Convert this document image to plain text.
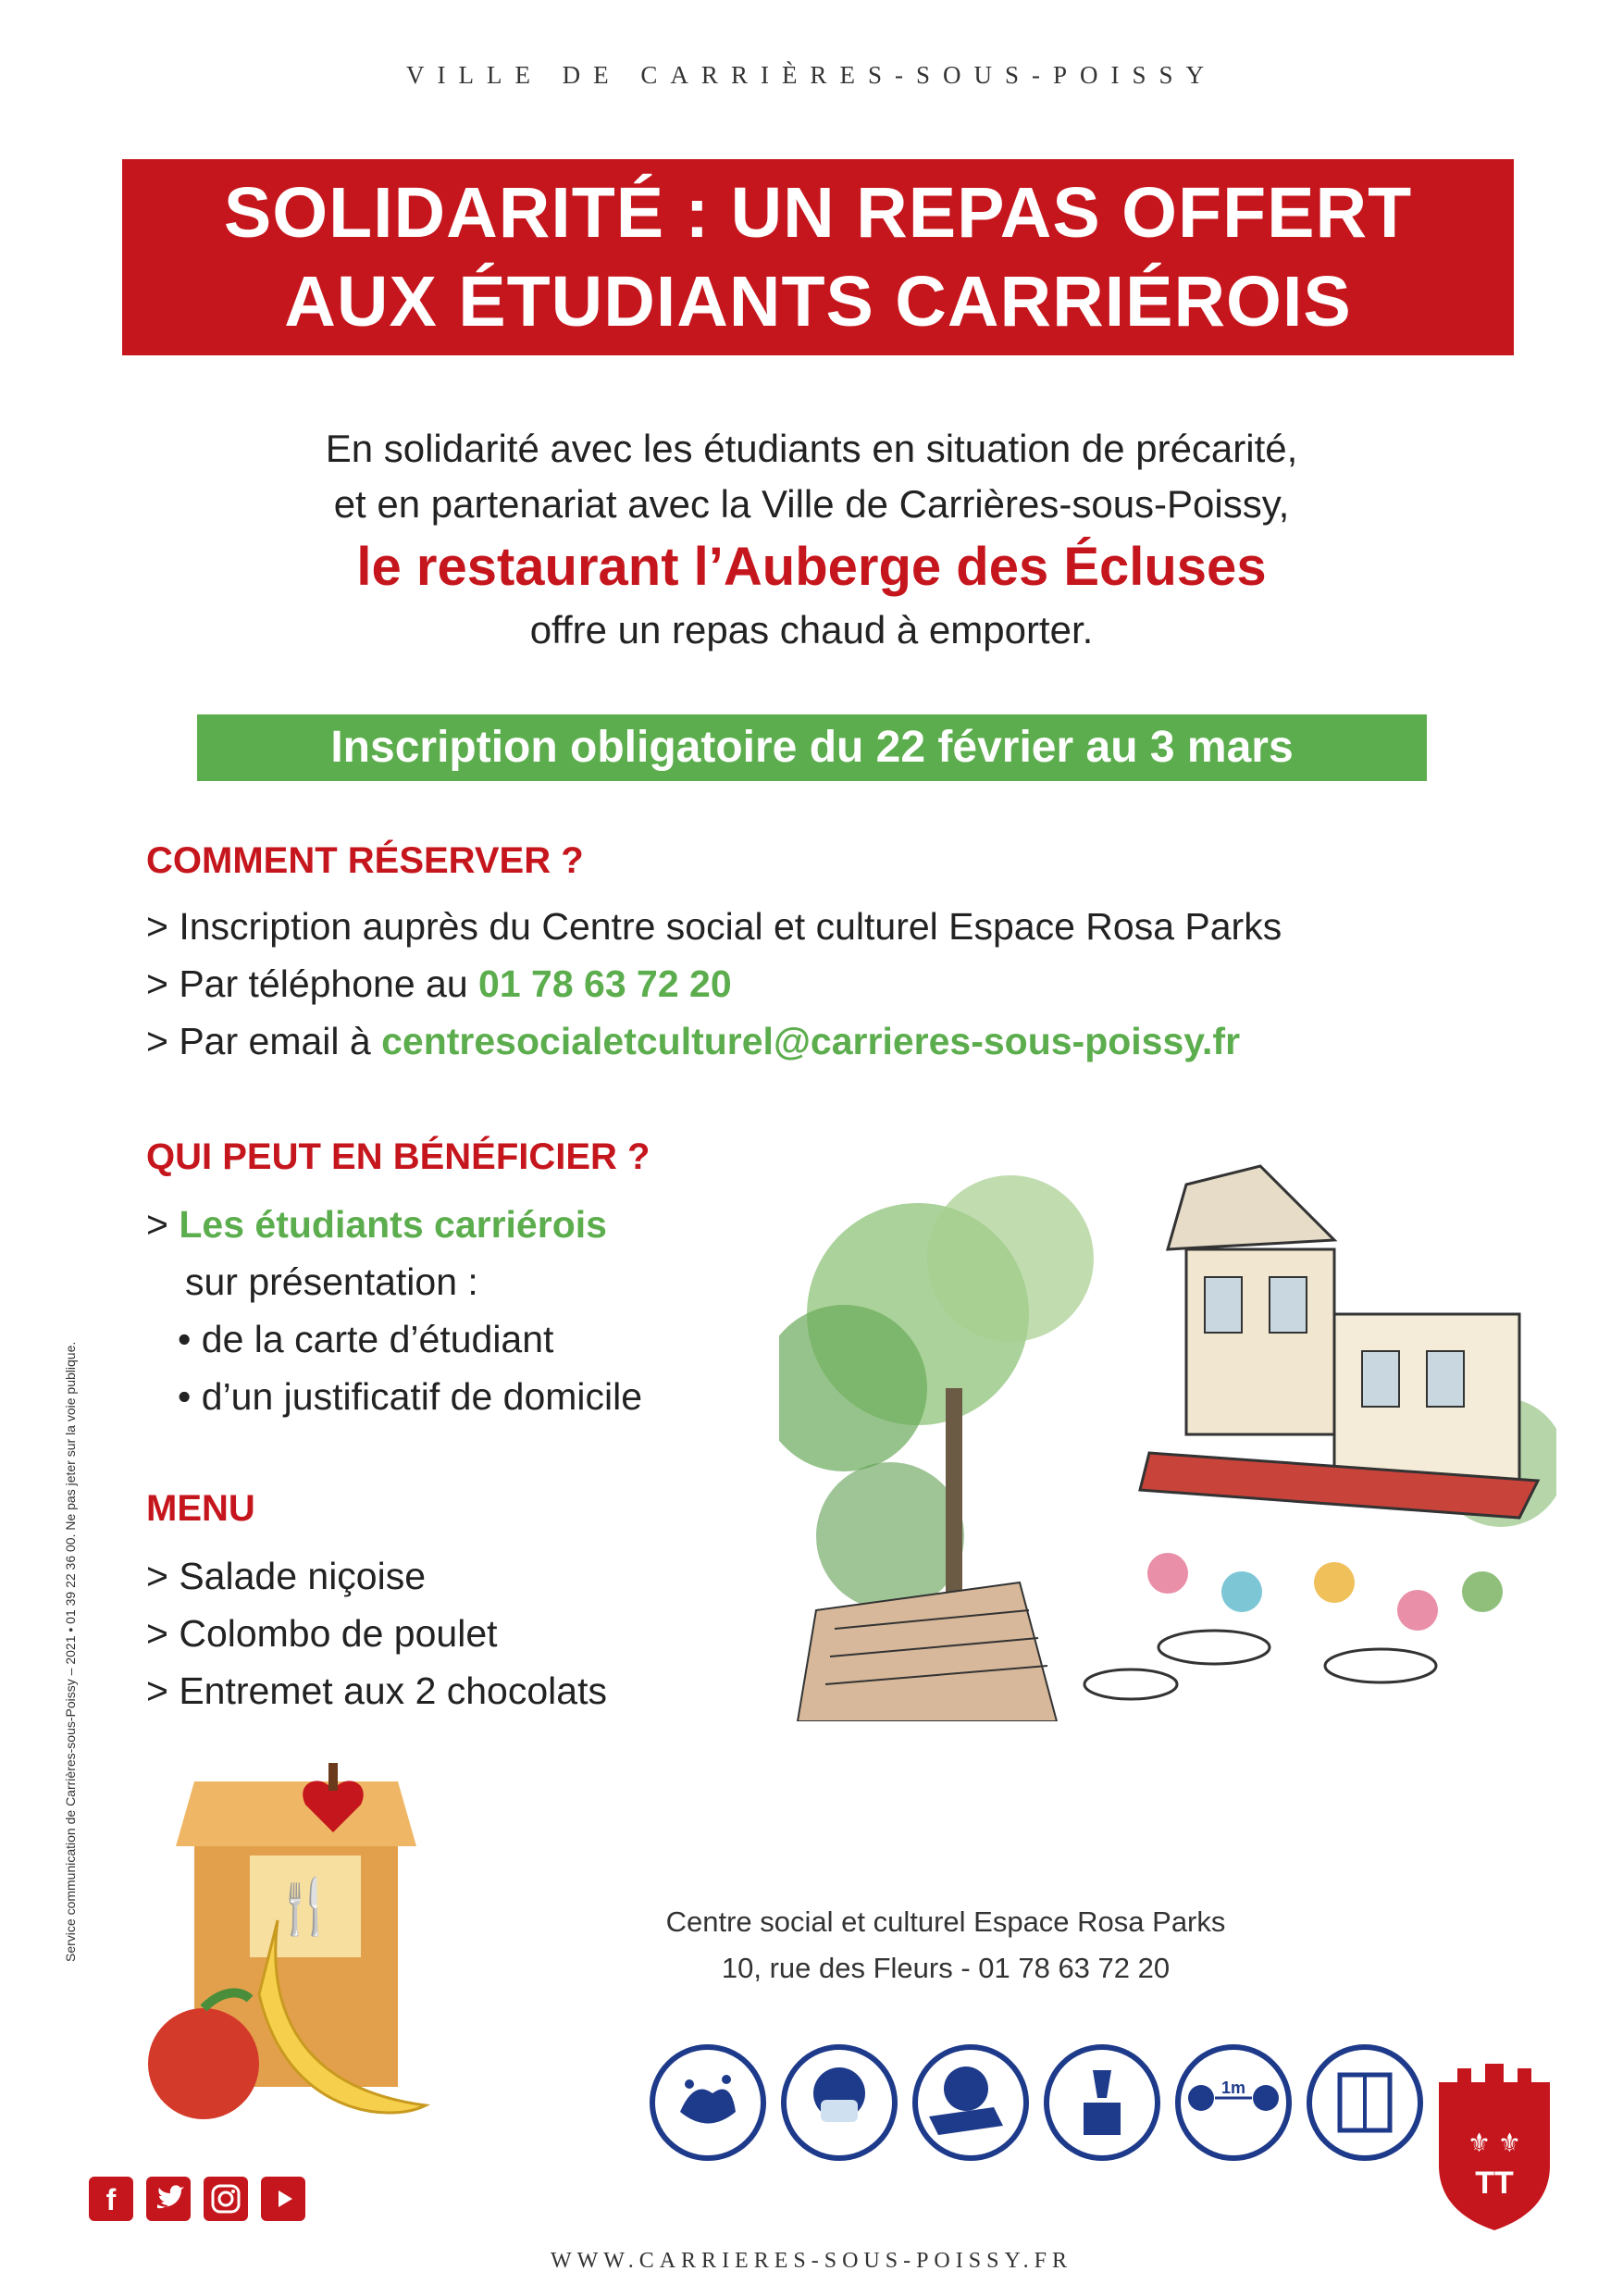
VILLE DE CARRIÈRES-SOUS-POISSY
SOLIDARITÉ : UN REPAS OFFERT
AUX ÉTUDIANTS CARRIÉROIS
En solidarité avec les étudiants en situation de précarité,
et en partenariat avec la Ville de Carrières-sous-Poissy,
le restaurant l’Auberge des Écluses
offre un repas chaud à emporter.
Inscription obligatoire du 22 février au 3 mars
COMMENT RÉSERVER ?
> Inscription auprès du Centre social et culturel Espace Rosa Parks
> Par téléphone au 01 78 63 72 20
> Par email à centresocialetculturel@carrieres-sous-poissy.fr
QUI PEUT EN BÉNÉFICIER ?
> Les étudiants carriérois
sur présentation :
• de la carte d’étudiant
• d’un justificatif de domicile
MENU
> Salade niçoise
> Colombo de poulet
> Entremet aux 2 chocolats
Service communication de Carrières-sous-Poissy – 2021 • 01 39 22 36 00. Ne pas jeter sur la voie publique.	🍴	Centre social et culturel Espace Rosa Parks
10, rue des Fleurs - 01 78 63 72 20
1m
⚜ ⚜
TT
f
WWW.CARRIERES-SOUS-POISSY.FR
